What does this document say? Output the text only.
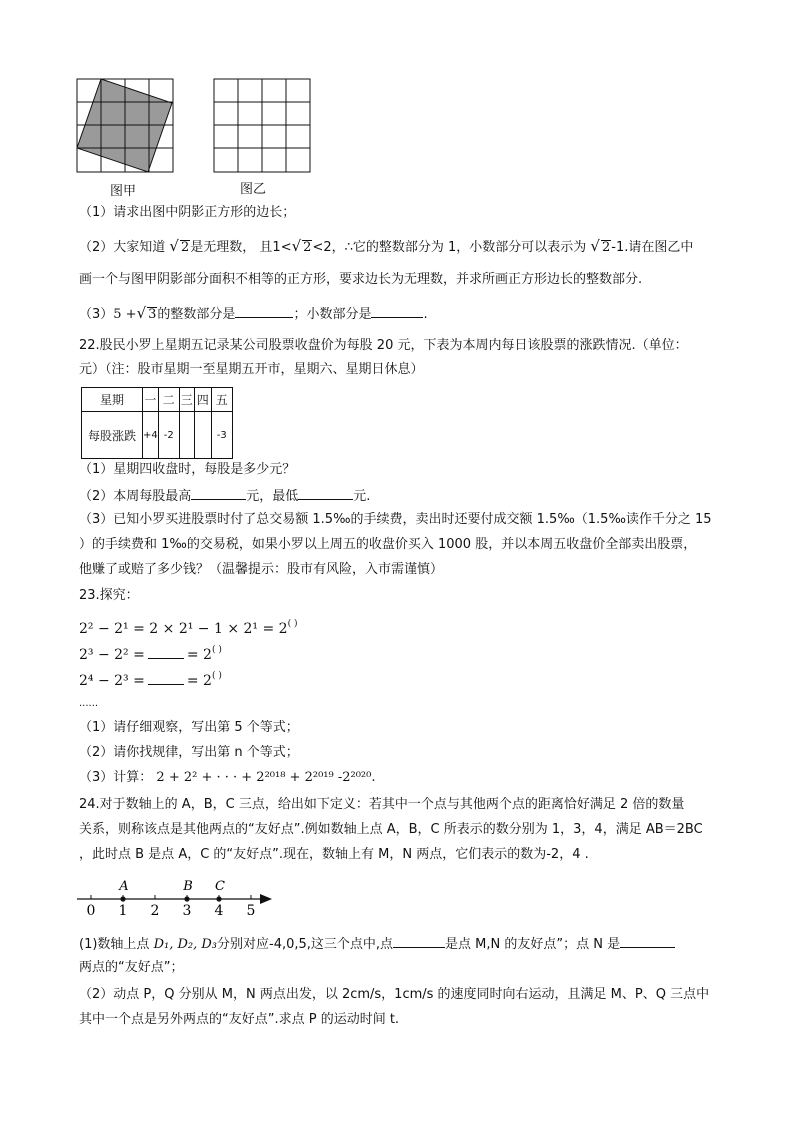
图甲	图乙
（1）请求出图中阴影正方形的边长；
（2）大家知道 √ 2是无理数， 且1<√ 2<2，∴它的整数部分为 1，小数部分可以表示为 √ 2-1.请在图乙中
画一个与图甲阴影部分面积不相等的正方形，要求边长为无理数，并求所画正方形边长的整数部分.
（3）5 +√ 3的整数部分是	；小数部分是	.
22.股民小罗上星期五记录某公司股票收盘价为每股 20 元，下表为本周内每日该股票的涨跌情况.（单位：
元）（注：股市星期一至星期五开市，星期六、星期日休息）
星期	一	二	三	四	五
每股涨跌	+4	-2			-3
（1）星期四收盘时，每股是多少元？
（2）本周每股最高	元，最低	元.
（3）已知小罗买进股票时付了总交易额 1.5‰的手续费，卖出时还要付成交额 1.5‰（1.5‰读作千分之 15
）的手续费和 1‰的交易税，如果小罗以上周五的收盘价买入 1000 股，并以本周五收盘价全部卖出股票，
他赚了或赔了多少钱？（温馨提示：股市有风险，入市需谨慎）
23.探究：
2² − 2¹ = 2 × 2¹ − 1 × 2¹ = 2( )
2³ − 2² =	= 2( )
2⁴ − 2³ =	= 2( )
......
（1）请仔细观察，写出第 5 个等式；
（2）请你找规律，写出第 n 个等式；
（3）计算： 2 + 2² + · · · + 2²⁰¹⁸ + 2²⁰¹⁹ -2²⁰²⁰.
24.对于数轴上的 A，B，C 三点，给出如下定义：若其中一个点与其他两个点的距离恰好满足 2 倍的数量
关系，则称该点是其他两点的“友好点”.例如数轴上点 A，B，C 所表示的数分别为 1，3，4，满足 AB＝2BC
，此时点 B 是点 A，C 的“友好点”.现在，数轴上有 M，N 两点，它们表示的数为-2，4 .
0 1 2 3 4 5
A	B C
(1)数轴上点 D₁, D₂, D₃分别对应-4,0,5,这三个点中,点	是点 M,N 的友好点”；点 N 是
两点的“友好点”；
（2）动点 P，Q 分别从 M，N 两点出发，以 2cm/s，1cm/s 的速度同时向右运动，且满足 M、P、Q 三点中
其中一个点是另外两点的“友好点”.求点 P 的运动时间 t.
